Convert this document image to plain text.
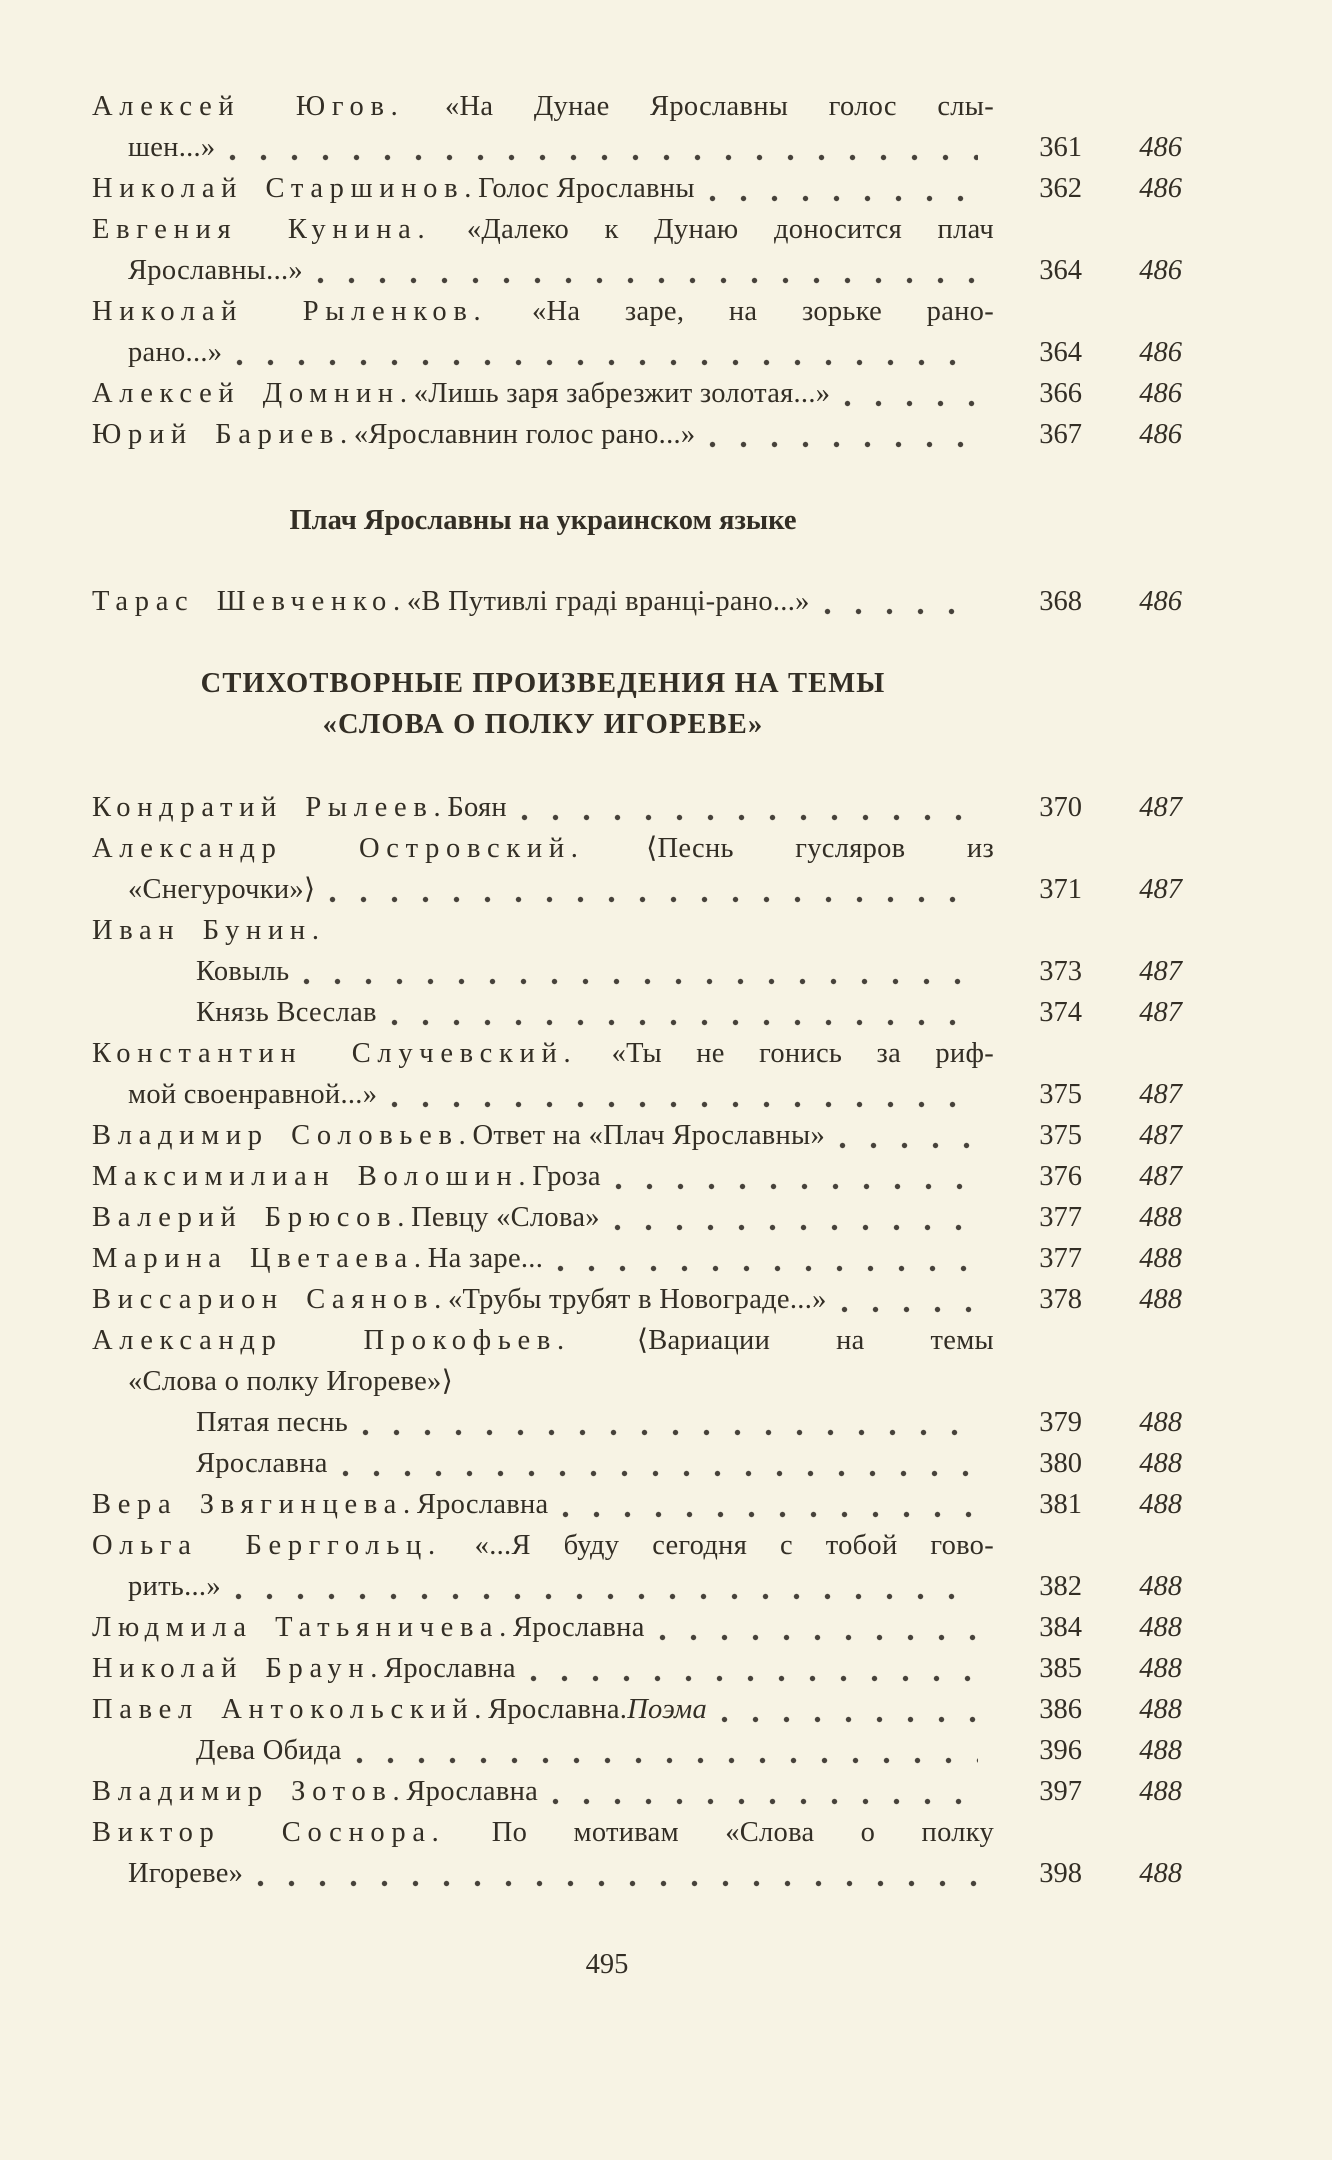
Алексей Югов. «На Дунае Ярославны голос слы-
шен...»	361	486
Николай Старшинов. Голос Ярославны	362	486
Евгения Кунина. «Далеко к Дунаю доносится плач
Ярославны...»	364	486
Николай Рыленков. «На заре, на зорьке рано-
рано...»	364	486
Алексей Домнин. «Лишь заря забрезжит золотая...»	366	486
Юрий Бариев. «Ярославнин голос рано...»	367	486
Плач Ярославны на украинском языке
Тарас Шевченко. «В Путивлі граді вранці-рано...»	368	486
СТИХОТВОРНЫЕ ПРОИЗВЕДЕНИЯ НА ТЕМЫ
«СЛОВА О ПОЛКУ ИГОРЕВЕ»
Кондратий Рылеев. Боян	370	487
Александр Островский. ⟨Песнь гусляров из
«Снегурочки»⟩	371	487
Иван Бунин.
Ковыль	373	487
Князь Всеслав	374	487
Константин Случевский. «Ты не гонись за риф-
мой своенравной...»	375	487
Владимир Соловьев. Ответ на «Плач Ярославны»	375	487
Максимилиан Волошин. Гроза	376	487
Валерий Брюсов. Певцу «Слова»	377	488
Марина Цветаева. На заре...	377	488
Виссарион Саянов. «Трубы трубят в Новограде...»	378	488
Александр Прокофьев. ⟨Вариации на темы
«Слова о полку Игореве»⟩
Пятая песнь	379	488
Ярославна	380	488
Вера Звягинцева. Ярославна	381	488
Ольга Берггольц. «...Я буду сегодня с тобой гово-
рить...»	382	488
Людмила Татьяничева. Ярославна	384	488
Николай Браун. Ярославна	385	488
Павел Антокольский. Ярославна. Поэма	386	488
Дева Обида	396	488
Владимир Зотов. Ярославна	397	488
Виктор Соснора. По мотивам «Слова о полку
Игореве»	398	488
495
